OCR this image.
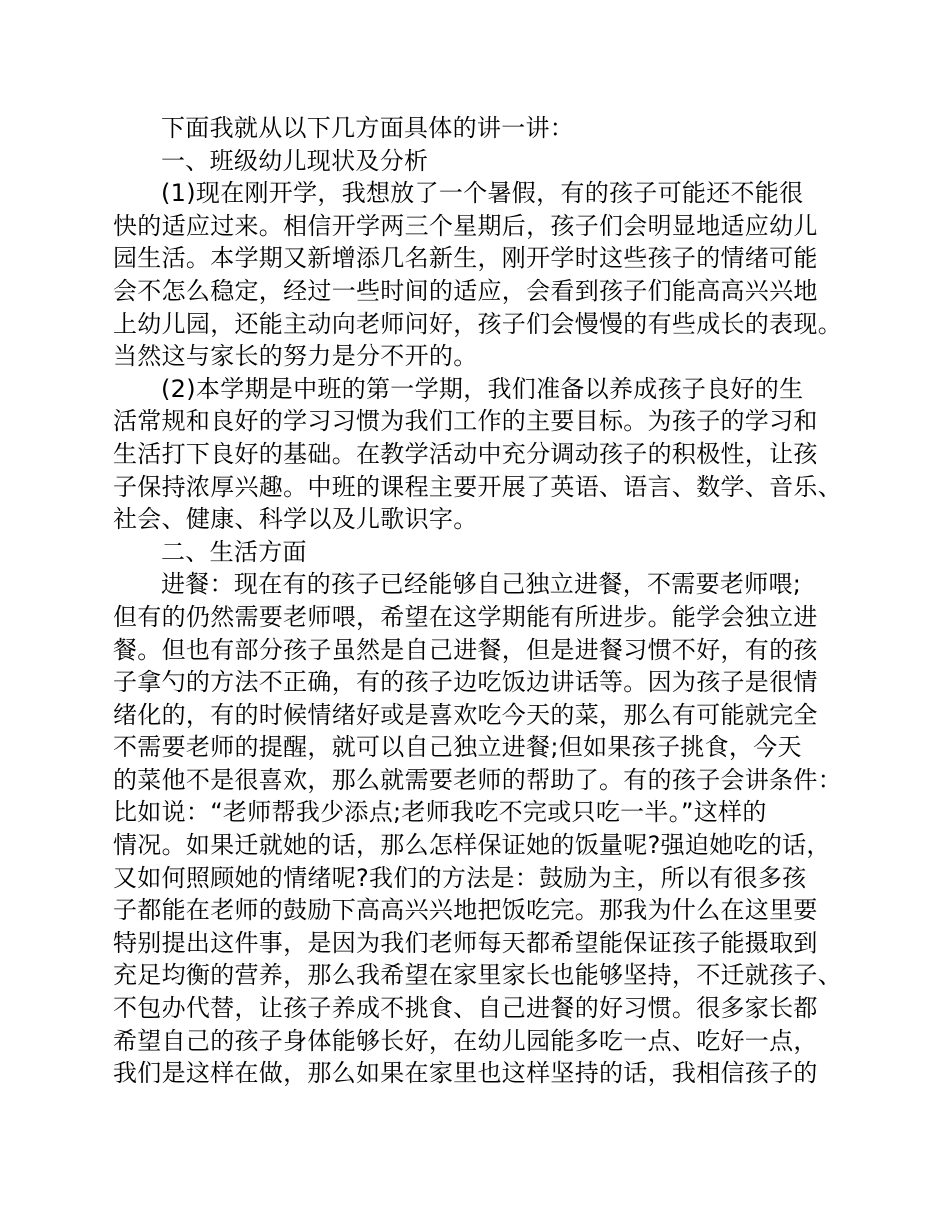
下面我就从以下几方面具体的讲一讲：
一、班级幼儿现状及分析
(1)现在刚开学，我想放了一个暑假，有的孩子可能还不能很
快的适应过来。相信开学两三个星期后，孩子们会明显地适应幼儿
园生活。本学期又新增添几名新生，刚开学时这些孩子的情绪可能
会不怎么稳定，经过一些时间的适应，会看到孩子们能高高兴兴地
上幼儿园，还能主动向老师问好，孩子们会慢慢的有些成长的表现。
当然这与家长的努力是分不开的。
(2)本学期是中班的第一学期，我们准备以养成孩子良好的生
活常规和良好的学习习惯为我们工作的主要目标。为孩子的学习和
生活打下良好的基础。在教学活动中充分调动孩子的积极性，让孩
子保持浓厚兴趣。中班的课程主要开展了英语、语言、数学、音乐、
社会、健康、科学以及儿歌识字。
二、生活方面
进餐：现在有的孩子已经能够自己独立进餐，不需要老师喂;
但有的仍然需要老师喂，希望在这学期能有所进步。能学会独立进
餐。但也有部分孩子虽然是自己进餐，但是进餐习惯不好，有的孩
子拿勺的方法不正确，有的孩子边吃饭边讲话等。因为孩子是很情
绪化的，有的时候情绪好或是喜欢吃今天的菜，那么有可能就完全
不需要老师的提醒，就可以自己独立进餐;但如果孩子挑食，今天
的菜他不是很喜欢，那么就需要老师的帮助了。有的孩子会讲条件：
比如说：“老师帮我少添点;老师我吃不完或只吃一半。”这样的
情况。如果迁就她的话，那么怎样保证她的饭量呢?强迫她吃的话，
又如何照顾她的情绪呢?我们的方法是：鼓励为主，所以有很多孩
子都能在老师的鼓励下高高兴兴地把饭吃完。那我为什么在这里要
特别提出这件事，是因为我们老师每天都希望能保证孩子能摄取到
充足均衡的营养，那么我希望在家里家长也能够坚持，不迁就孩子、
不包办代替，让孩子养成不挑食、自己进餐的好习惯。很多家长都
希望自己的孩子身体能够长好，在幼儿园能多吃一点、吃好一点，
我们是这样在做，那么如果在家里也这样坚持的话，我相信孩子的
